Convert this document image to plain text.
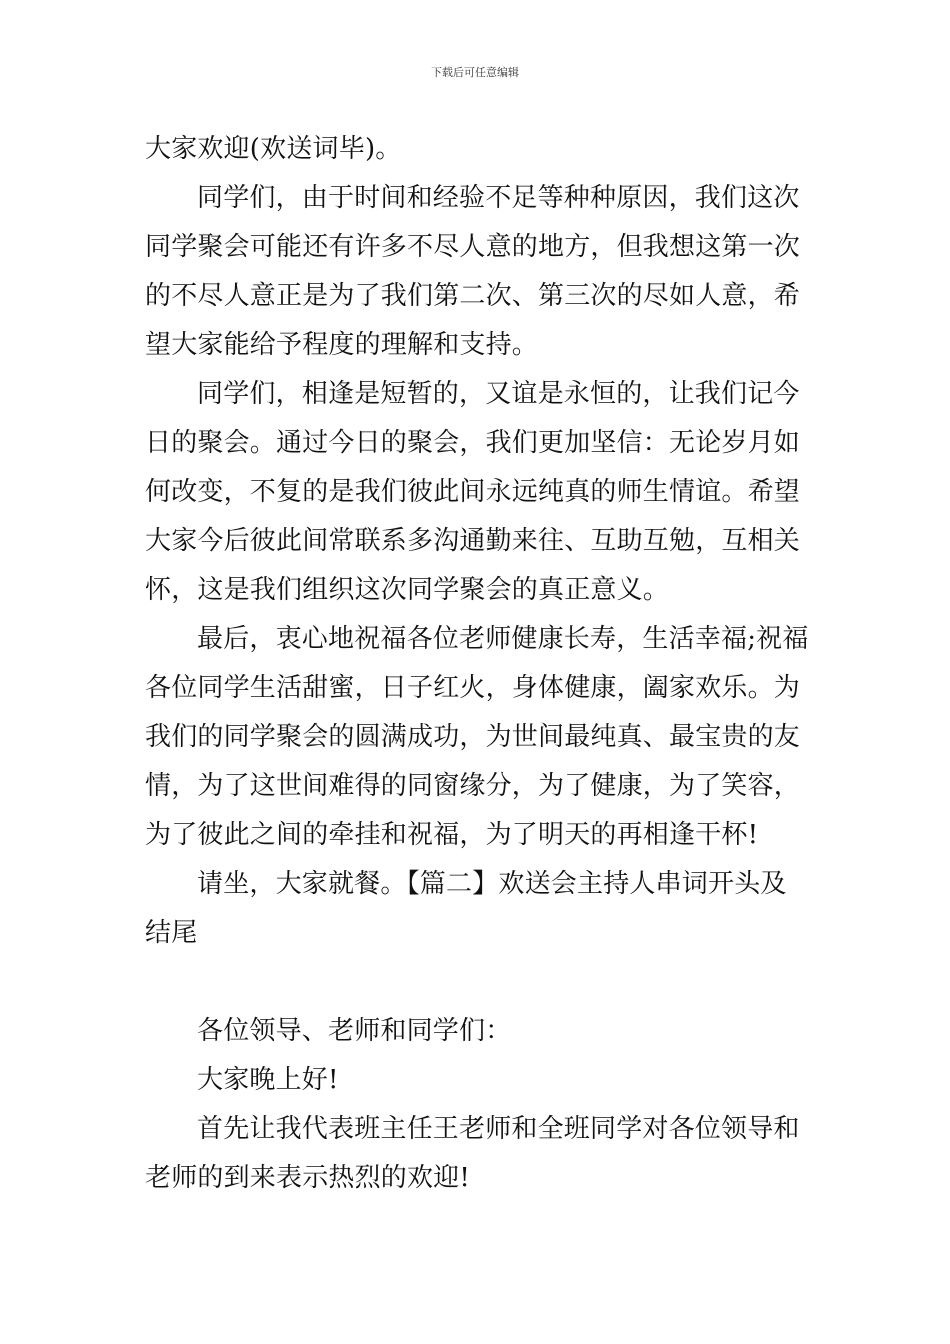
下载后可任意编辑
大家欢迎(欢送词毕)。
同学们，由于时间和经验不足等种种原因，我们这次
同学聚会可能还有许多不尽人意的地方，但我想这第一次
的不尽人意正是为了我们第二次、第三次的尽如人意，希
望大家能给予程度的理解和支持。
同学们，相逢是短暂的，又谊是永恒的，让我们记今
日的聚会。通过今日的聚会，我们更加坚信：无论岁月如
何改变，不复的是我们彼此间永远纯真的师生情谊。希望
大家今后彼此间常联系多沟通勤来往、互助互勉，互相关
怀，这是我们组织这次同学聚会的真正意义。
最后，衷心地祝福各位老师健康长寿，生活幸福;祝福
各位同学生活甜蜜，日子红火，身体健康，阖家欢乐。为
我们的同学聚会的圆满成功，为世间最纯真、最宝贵的友
情，为了这世间难得的同窗缘分，为了健康，为了笑容，
为了彼此之间的牵挂和祝福，为了明天的再相逢干杯!
请坐，大家就餐。【篇二】欢送会主持人串词开头及
结尾
各位领导、老师和同学们：
大家晚上好!
首先让我代表班主任王老师和全班同学对各位领导和
老师的到来表示热烈的欢迎!
